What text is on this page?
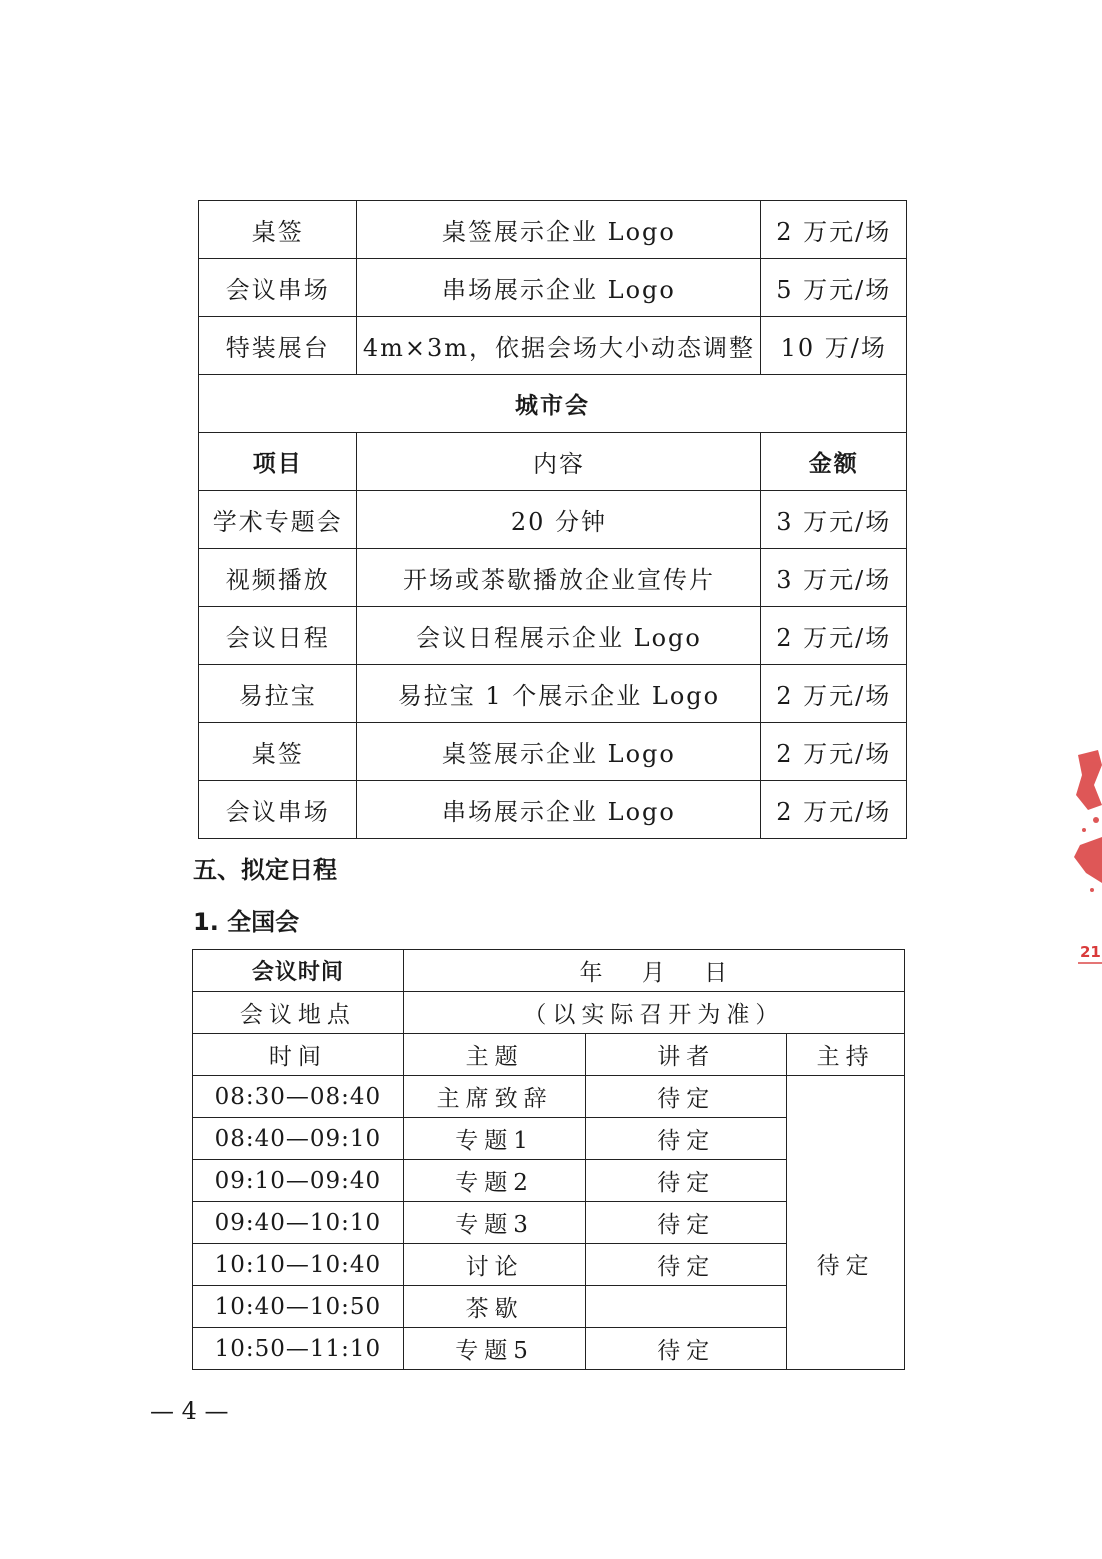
桌签	桌签展示企业 Logo	2 万元/场
会议串场	串场展示企业 Logo	5 万元/场
特装展台	4m×3m，依据会场大小动态调整	10 万/场
城市会		
项目	内容	金额
学术专题会	20 分钟	3 万元/场
视频播放	开场或茶歇播放企业宣传片	3 万元/场
会议日程	会议日程展示企业 Logo	2 万元/场
易拉宝	易拉宝 1 个展示企业 Logo	2 万元/场
桌签	桌签展示企业 Logo	2 万元/场
会议串场	串场展示企业 Logo	2 万元/场
五、拟定日程
1. 全国会
会议时间	年 月 日		
会议地点	（以实际召开为准）		
时间	主题	讲者	主持
08:30—08:40	主席致辞	待定	待定
08:40—09:10	专题1	待定	
09:10—09:40	专题2	待定	
09:40—10:10	专题3	待定	
10:10—10:40	讨论	待定	
10:40—10:50	茶歇		
10:50—11:10	专题5	待定	
— 4 —
21
